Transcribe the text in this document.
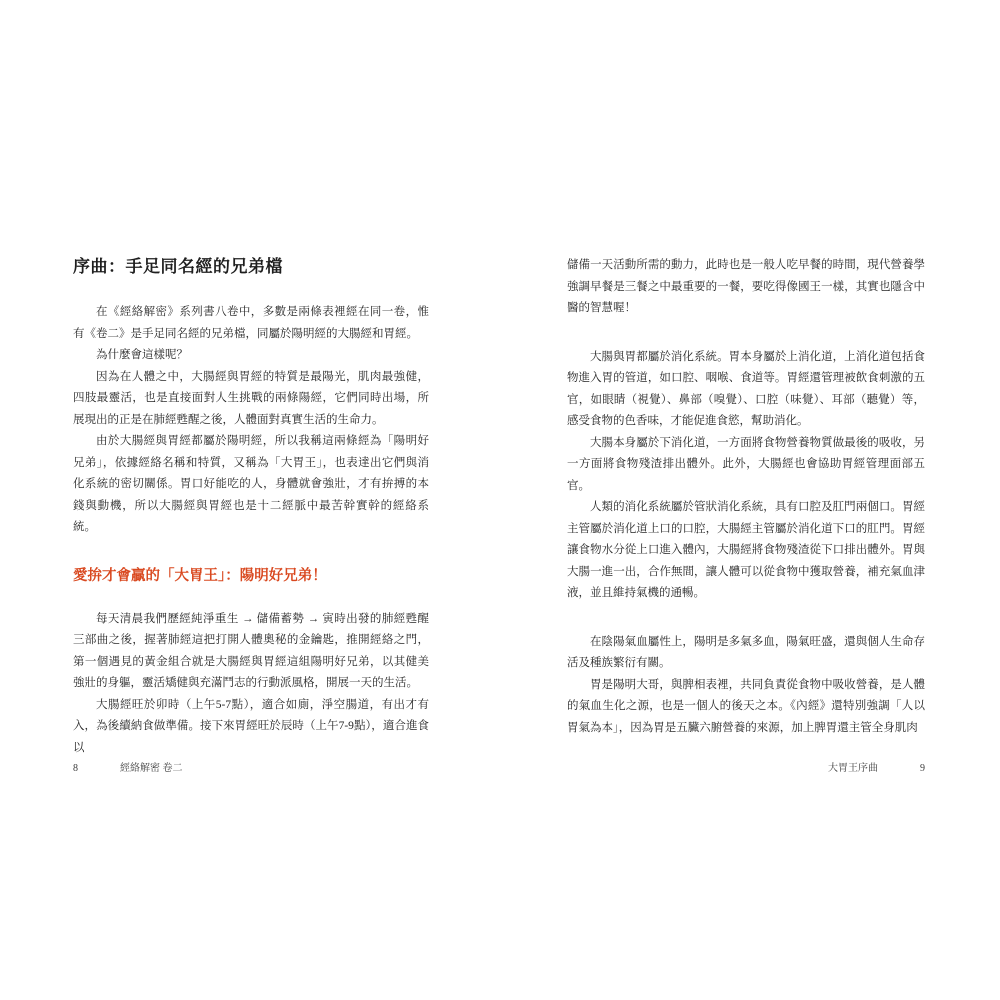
序曲：手足同名經的兄弟檔

在《經絡解密》系列書八卷中，多數是兩條表裡經在同一卷，惟有《卷二》是手足同名經的兄弟檔，同屬於陽明經的大腸經和胃經。

為什麼會這樣呢？

因為在人體之中，大腸經與胃經的特質是最陽光，肌肉最強健，四肢最靈活，也是直接面對人生挑戰的兩條陽經，它們同時出場，所展現出的正是在肺經甦醒之後，人體面對真實生活的生命力。

由於大腸經與胃經都屬於陽明經，所以我稱這兩條經為「陽明好兄弟」，依據經絡名稱和特質，又稱為「大胃王」，也表達出它們與消化系統的密切關係。胃口好能吃的人，身體就會強壯，才有拚搏的本錢與動機，所以大腸經與胃經也是十二經脈中最苦幹實幹的經絡系統。

愛拚才會贏的「大胃王」：陽明好兄弟！

每天清晨我們歷經純淨重生 → 儲備蓄勢 → 寅時出發的肺經甦醒三部曲之後，握著肺經這把打開人體奧秘的金鑰匙，推開經絡之門，第一個遇見的黃金組合就是大腸經與胃經這組陽明好兄弟，以其健美強壯的身軀，靈活矯健與充滿鬥志的行動派風格，開展一天的生活。

大腸經旺於卯時（上午5-7點），適合如廁，淨空腸道，有出才有入，為後續納食做準備。接下來胃經旺於辰時（上午7-9點），適合進食以

儲備一天活動所需的動力，此時也是一般人吃早餐的時間，現代營養學強調早餐是三餐之中最重要的一餐，要吃得像國王一樣，其實也隱含中醫的智慧喔！

大腸與胃都屬於消化系統。胃本身屬於上消化道，上消化道包括食物進入胃的管道，如口腔、咽喉、食道等。胃經還管理被飲食刺激的五官，如眼睛（視覺）、鼻部（嗅覺）、口腔（味覺）、耳部（聽覺）等，感受食物的色香味，才能促進食慾，幫助消化。

大腸本身屬於下消化道，一方面將食物營養物質做最後的吸收，另一方面將食物殘渣排出體外。此外，大腸經也會協助胃經管理面部五官。

人類的消化系統屬於管狀消化系統，具有口腔及肛門兩個口。胃經主管屬於消化道上口的口腔，大腸經主管屬於消化道下口的肛門。胃經讓食物水分從上口進入體內，大腸經將食物殘渣從下口排出體外。胃與大腸一進一出，合作無間，讓人體可以從食物中獲取營養，補充氣血津液，並且維持氣機的通暢。

在陰陽氣血屬性上，陽明是多氣多血，陽氣旺盛，還與個人生命存活及種族繁衍有關。

胃是陽明大哥，與脾相表裡，共同負責從食物中吸收營養，是人體的氣血生化之源，也是一個人的後天之本。《內經》還特別強調「人以胃氣為本」，因為胃是五臟六腑營養的來源，加上脾胃還主管全身肌肉

8	經絡解密 卷二	大胃王序曲	9
